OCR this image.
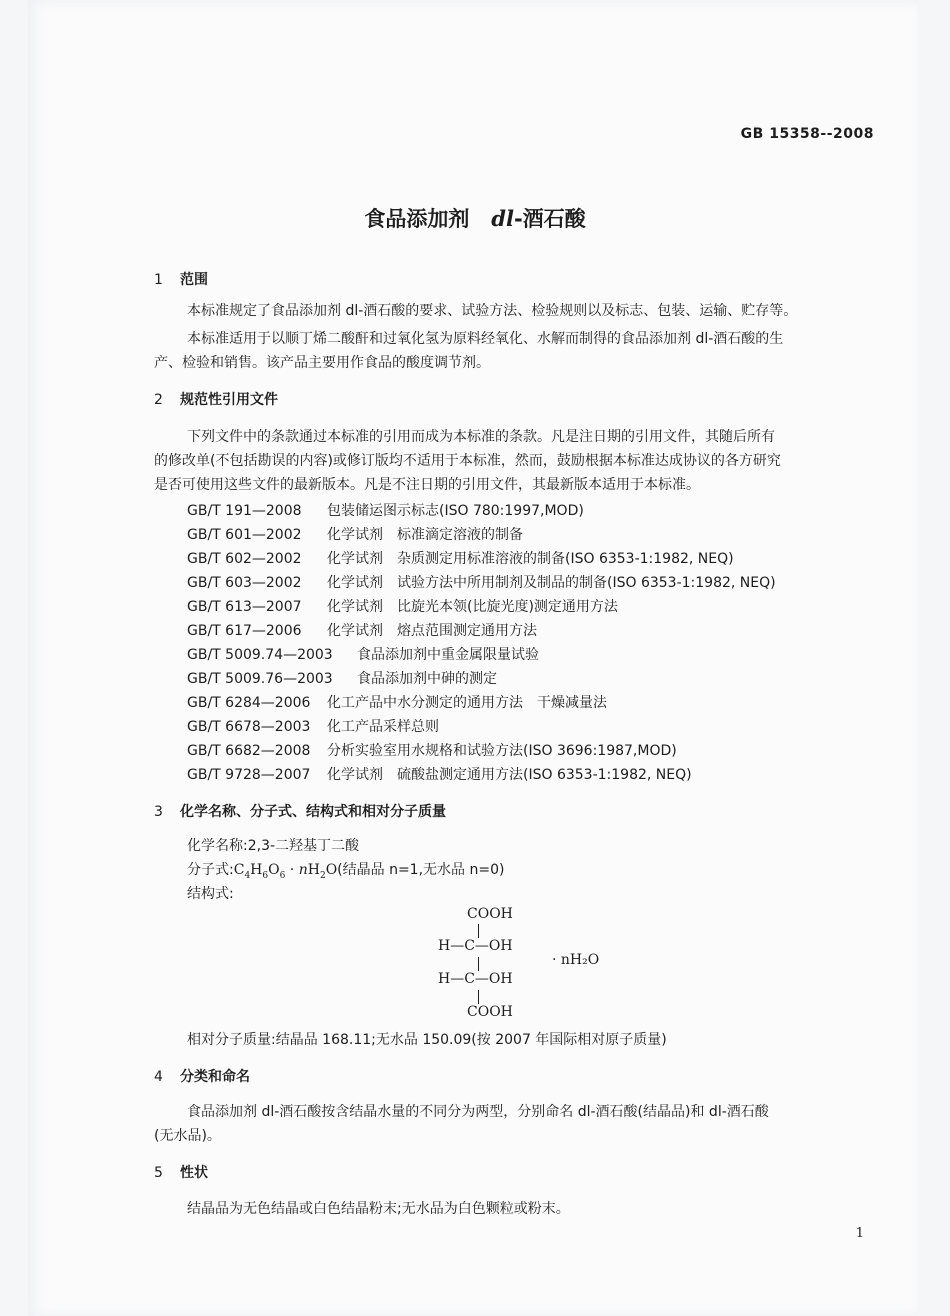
GB 15358--2008
食品添加剂 dl-酒石酸
1 范围
本标准规定了食品添加剂 dl-酒石酸的要求、试验方法、检验规则以及标志、包装、运输、贮存等。
本标准适用于以顺丁烯二酸酐和过氧化氢为原料经氧化、水解而制得的食品添加剂 dl-酒石酸的生
产、检验和销售。该产品主要用作食品的酸度调节剂。
2 规范性引用文件
下列文件中的条款通过本标准的引用而成为本标准的条款。凡是注日期的引用文件，其随后所有
的修改单(不包括勘误的内容)或修订版均不适用于本标准，然而，鼓励根据本标准达成协议的各方研究
是否可使用这些文件的最新版本。凡是不注日期的引用文件，其最新版本适用于本标准。
GB/T 191—2008 包装储运图示标志(ISO 780:1997,MOD)
GB/T 601—2002 化学试剂　标准滴定溶液的制备
GB/T 602—2002 化学试剂　杂质测定用标准溶液的制备(ISO 6353-1:1982, NEQ)
GB/T 603—2002 化学试剂　试验方法中所用制剂及制品的制备(ISO 6353-1:1982, NEQ)
GB/T 613—2007 化学试剂　比旋光本领(比旋光度)测定通用方法
GB/T 617—2006 化学试剂　熔点范围测定通用方法
GB/T 5009.74—2003 食品添加剂中重金属限量试验
GB/T 5009.76—2003 食品添加剂中砷的测定
GB/T 6284—2006 化工产品中水分测定的通用方法　干燥减量法
GB/T 6678—2003 化工产品采样总则
GB/T 6682—2008 分析实验室用水规格和试验方法(ISO 3696:1987,MOD)
GB/T 9728—2007 化学试剂　硫酸盐测定通用方法(ISO 6353-1:1982, NEQ)
3 化学名称、分子式、结构式和相对分子质量
化学名称:2,3-二羟基丁二酸
分子式$:C_4H_6O_6 \cdot nH_2O$(结晶品 n=1,无水品 n=0)
结构式:
COOH
H—C—OH
H—C—OH
COOH
· nH₂O
相对分子质量:结晶品 168.11;无水品 150.09(按 2007 年国际相对原子质量)
4 分类和命名
食品添加剂 dl-酒石酸按含结晶水量的不同分为两型，分别命名 dl-酒石酸(结晶品)和 dl-酒石酸
(无水品)。
5 性状
结晶品为无色结晶或白色结晶粉末;无水品为白色颗粒或粉末。
1
